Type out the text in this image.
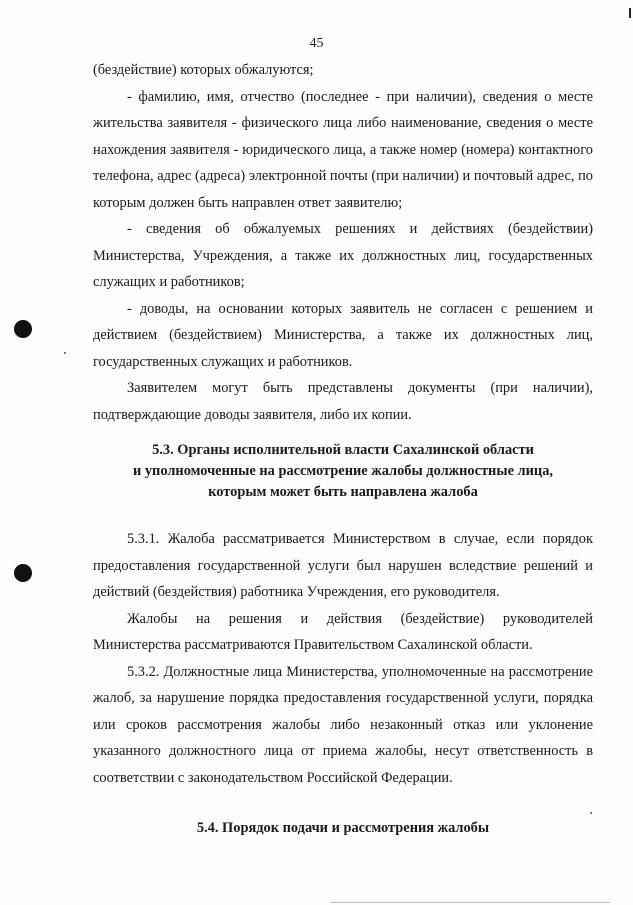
45

(бездействие) которых обжалуются;

- фамилию, имя, отчество (последнее - при наличии), сведения о месте жительства заявителя - физического лица либо наименование, сведения о месте нахождения заявителя - юридического лица, а также номер (номера) контактного телефона, адрес (адреса) электронной почты (при наличии) и почтовый адрес, по которым должен быть направлен ответ заявителю;

- сведения об обжалуемых решениях и действиях (бездействии) Министерства, Учреждения, а также их должностных лиц, государственных служащих и работников;

- доводы, на основании которых заявитель не согласен с решением и действием (бездействием) Министерства, а также их должностных лиц, государственных служащих и работников.

Заявителем могут быть представлены документы (при наличии), подтверждающие доводы заявителя, либо их копии.

5.3. Органы исполнительной власти Сахалинской области

и уполномоченные на рассмотрение жалобы должностные лица,

которым может быть направлена жалоба

5.3.1. Жалоба рассматривается Министерством в случае, если порядок предоставления государственной услуги был нарушен вследствие решений и действий (бездействия) работника Учреждения, его руководителя.

Жалобы на решения и действия (бездействие) руководителей Министерства рассматриваются Правительством Сахалинской области.

5.3.2. Должностные лица Министерства, уполномоченные на рассмотрение жалоб, за нарушение порядка предоставления государственной услуги, порядка или сроков рассмотрения жалобы либо незаконный отказ или уклонение указанного должностного лица от приема жалобы, несут ответственность в соответствии с законодательством Российской Федерации.

5.4. Порядок подачи и рассмотрения жалобы
